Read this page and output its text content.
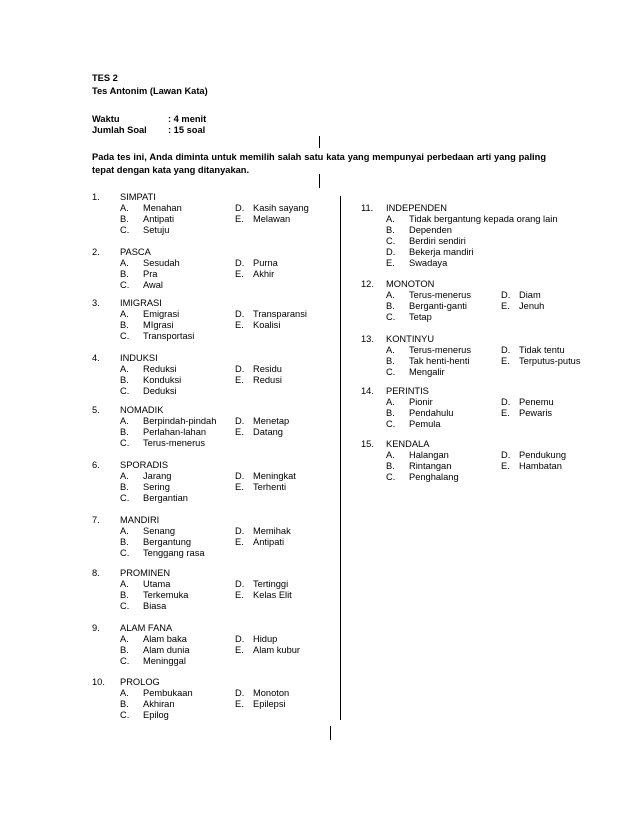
TES 2
Tes Antonim (Lawan Kata)
Waktu	: 4 menit
Jumlah Soal : 15 soal
Pada tes ini, Anda diminta untuk memilih salah satu kata yang mempunyai perbedaan arti yang paling tepat dengan kata yang ditanyakan.
1. SIMPATI
A. Menahan	D. Kasih sayang
B. Antipati	E. Melawan
C. Setuju
2. PASCA
A. Sesudah	D. Purna
B. Pra	E. Akhir
C. Awal
3. IMIGRASI
A. Emigrasi	D. Transparansi
B. MIgrasi	E. Koalisi
C. Transportasi
4. INDUKSI
A. Reduksi	D. Residu
B. Konduksi	E. Redusi
C. Deduksi
5. NOMADIK
A. Berpindah-pindah D. Menetap
B. Perlahan-lahan	E. Datang
C. Terus-menerus
6. SPORADIS
A. Jarang	D. Meningkat
B. Sering	E. Terhenti
C. Bergantian
7. MANDIRI
A. Senang	D. Memihak
B. Bergantung	E. Antipati
C. Tenggang rasa
8. PROMINEN
A. Utama	D. Tertinggi
B. Terkemuka	E. Kelas Elit
C. Biasa
9. ALAM FANA
A. Alam baka	D. Hidup
B. Alam dunia	E. Alam kubur
C. Meninggal
10. PROLOG
A. Pembukaan	D. Monoton
B. Akhiran	E. Epilepsi
C. Epilog
11. INDEPENDEN
A. Tidak bergantung kepada orang lain
B. Dependen
C. Berdiri sendiri
D. Bekerja mandiri
E. Swadaya
12. MONOTON
A. Terus-menerus	D. Diam
B. Berganti-ganti	E. Jenuh
C. Tetap
13. KONTINYU
A. Terus-menerus	D. Tidak tentu
B. Tak henti-henti	E. Terputus-putus
C. Mengalir
14. PERINTIS
A. Pionir	D. Penemu
B. Pendahulu	E. Pewaris
C. Pemula
15. KENDALA
A. Halangan	D. Pendukung
B. Rintangan	E. Hambatan
C. Penghalang
